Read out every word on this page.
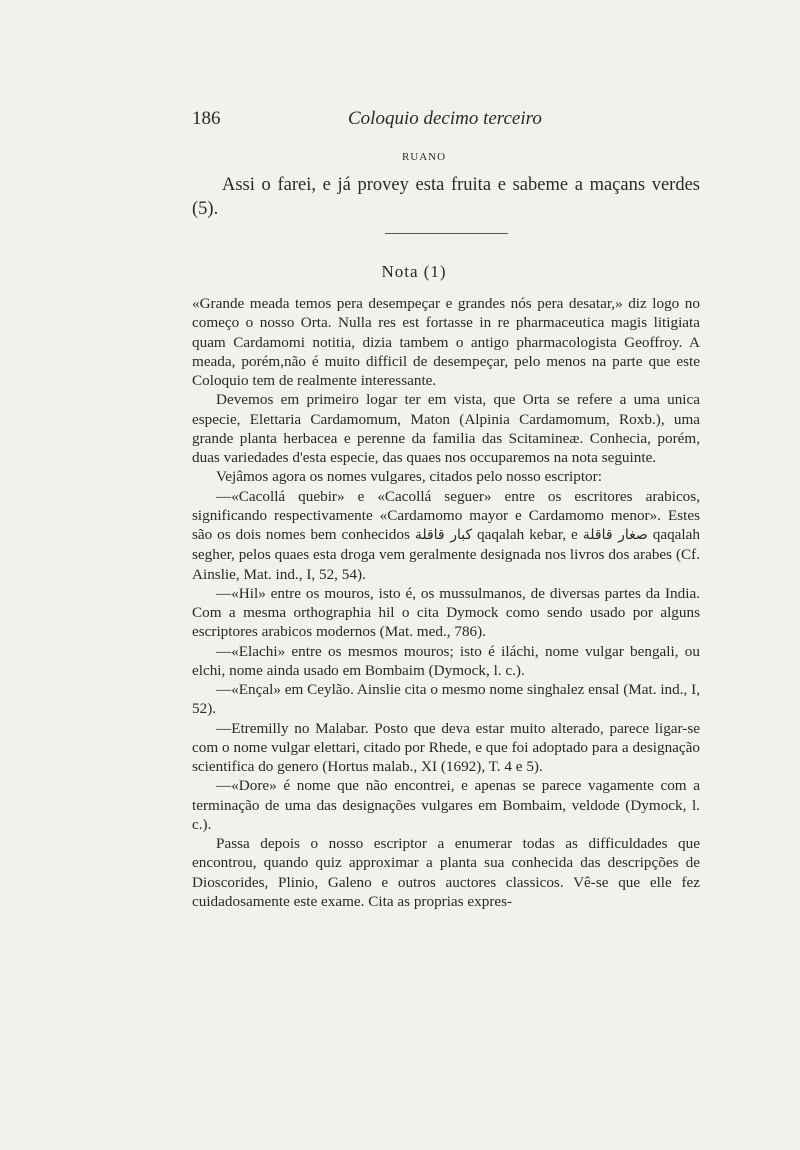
186	Coloquio decimo terceiro
RUANO
Assi o farei, e já provey esta fruita e sabeme a maçans verdes (5).
Nota (1)

«Grande meada temos pera desempeçar e grandes nós pera desatar,» diz logo no começo o nosso Orta. Nulla res est fortasse in re pharmaceutica magis litigiata quam Cardamomi notitia, dizia tambem o antigo pharmacologista Geoffroy. A meada, porém,não é muito difficil de desempeçar, pelo menos na parte que este Coloquio tem de realmente interessante.

Devemos em primeiro logar ter em vista, que Orta se refere a uma unica especie, Elettaria Cardamomum, Maton (Alpinia Cardamomum, Roxb.), uma grande planta herbacea e perenne da familia das Scitamineæ. Conhecia, porém, duas variedades d'esta especie, das quaes nos occuparemos na nota seguinte.

Vejâmos agora os nomes vulgares, citados pelo nosso escriptor:

—«Cacollá quebir» e «Cacollá seguer» entre os escritores arabicos, significando respectivamente «Cardamomo mayor e Cardamomo menor». Estes são os dois nomes bem conhecidos كبار قاقلة qaqalah kebar, e صغار قاقلة qaqalah segher, pelos quaes esta droga vem geralmente designada nos livros dos arabes (Cf. Ainslie, Mat. ind., I, 52, 54).

—«Hil» entre os mouros, isto é, os mussulmanos, de diversas partes da India. Com a mesma orthographia hil o cita Dymock como sendo usado por alguns escriptores arabicos modernos (Mat. med., 786).

—«Elachi» entre os mesmos mouros; isto é iláchi, nome vulgar bengali, ou elchi, nome ainda usado em Bombaim (Dymock, l. c.).

—«Ençal» em Ceylão. Ainslie cita o mesmo nome singhalez ensal (Mat. ind., I, 52).

—Etremilly no Malabar. Posto que deva estar muito alterado, parece ligar-se com o nome vulgar elettari, citado por Rhede, e que foi adoptado para a designação scientifica do genero (Hortus malab., XI (1692), T. 4 e 5).

—«Dore» é nome que não encontrei, e apenas se parece vagamente com a terminação de uma das designações vulgares em Bombaim, veldode (Dymock, l. c.).

Passa depois o nosso escriptor a enumerar todas as difficuldades que encontrou, quando quiz approximar a planta sua conhecida das descripções de Dioscorides, Plinio, Galeno e outros auctores classicos. Vê-se que elle fez cuidadosamente este exame. Cita as proprias expres-
